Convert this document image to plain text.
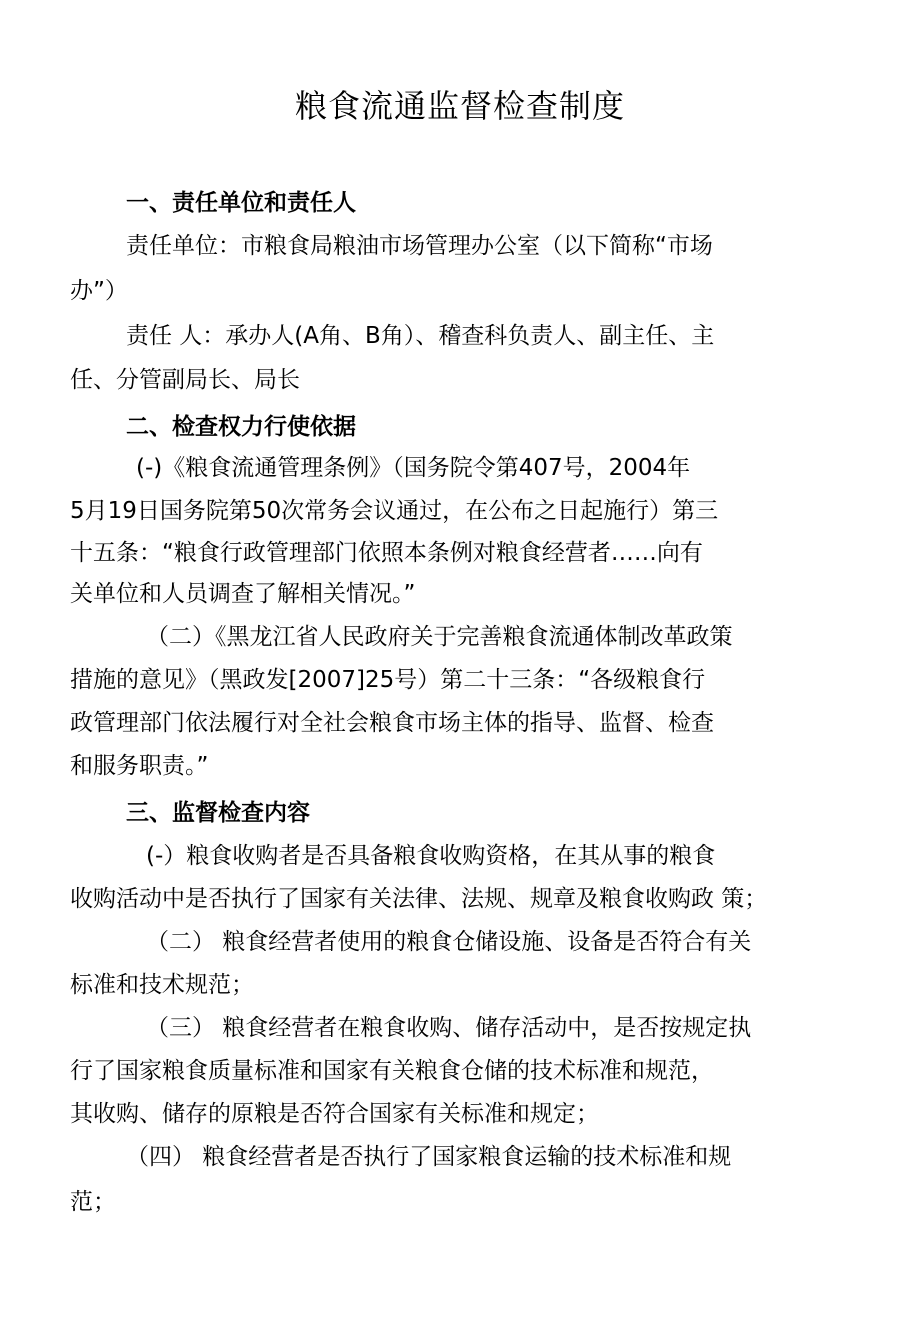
粮食流通监督检查制度

一、责任单位和责任人

责任单位：市粮食局粮油市场管理办公室（以下简称“市场

办”）

责任 人：承办人(A角、B角）、稽查科负责人、副主任、主

任、分管副局长、局长

二、检查权力行使依据

(-)《粮食流通管理条例》（国务院令第407号，2004年

5月19日国务院第50次常务会议通过，在公布之日起施行）第三

十五条：“粮食行政管理部门依照本条例对粮食经营者……向有

关单位和人员调查了解相关情况。”

（二）《黑龙江省人民政府关于完善粮食流通体制改革政策

措施的意见》（黑政发[2007]25号）第二十三条：“各级粮食行

政管理部门依法履行对全社会粮食市场主体的指导、监督、检查

和服务职责。”

三、监督检查内容

(-）粮食收购者是否具备粮食收购资格，在其从事的粮食

收购活动中是否执行了国家有关法律、法规、规章及粮食收购政 策；

（二） 粮食经营者使用的粮食仓储设施、设备是否符合有关

标准和技术规范；

（三） 粮食经营者在粮食收购、储存活动中，是否按规定执

行了国家粮食质量标准和国家有关粮食仓储的技术标准和规范，

其收购、储存的原粮是否符合国家有关标准和规定；

（四） 粮食经营者是否执行了国家粮食运输的技术标准和规

范；
